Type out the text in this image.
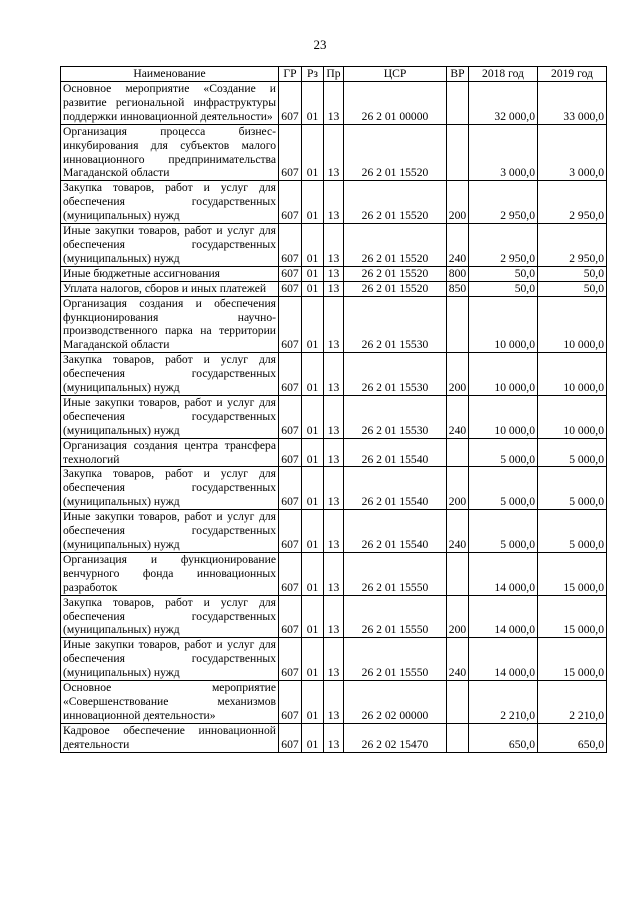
23
Наименование	ГР	Рз	Пр	ЦСР	ВР	2018 год	2019 год
Основное мероприятие «Создание и развитие региональной инфраструктуры поддержки инновационной деятельности»	607	01	13	26 2 01 00000		32 000,0	33 000,0
Организация процесса бизнес-инкубирования для субъектов малого инновационного предпринимательства Магаданской области	607	01	13	26 2 01 15520		3 000,0	3 000,0
Закупка товаров, работ и услуг для обеспечения государственных (муниципальных) нужд	607	01	13	26 2 01 15520	200	2 950,0	2 950,0
Иные закупки товаров, работ и услуг для обеспечения государственных (муниципальных) нужд	607	01	13	26 2 01 15520	240	2 950,0	2 950,0
Иные бюджетные ассигнования	607	01	13	26 2 01 15520	800	50,0	50,0
Уплата налогов, сборов и иных платежей	607	01	13	26 2 01 15520	850	50,0	50,0
Организация создания и обеспечения функционирования научно-производственного парка на территории Магаданской области	607	01	13	26 2 01 15530		10 000,0	10 000,0
Закупка товаров, работ и услуг для обеспечения государственных (муниципальных) нужд	607	01	13	26 2 01 15530	200	10 000,0	10 000,0
Иные закупки товаров, работ и услуг для обеспечения государственных (муниципальных) нужд	607	01	13	26 2 01 15530	240	10 000,0	10 000,0
Организация создания центра трансфера технологий	607	01	13	26 2 01 15540		5 000,0	5 000,0
Закупка товаров, работ и услуг для обеспечения государственных (муниципальных) нужд	607	01	13	26 2 01 15540	200	5 000,0	5 000,0
Иные закупки товаров, работ и услуг для обеспечения государственных (муниципальных) нужд	607	01	13	26 2 01 15540	240	5 000,0	5 000,0
Организация и функционирование венчурного фонда инновационных разработок	607	01	13	26 2 01 15550		14 000,0	15 000,0
Закупка товаров, работ и услуг для обеспечения государственных (муниципальных) нужд	607	01	13	26 2 01 15550	200	14 000,0	15 000,0
Иные закупки товаров, работ и услуг для обеспечения государственных (муниципальных) нужд	607	01	13	26 2 01 15550	240	14 000,0	15 000,0
Основное мероприятие «Совершенствование механизмов инновационной деятельности»	607	01	13	26 2 02 00000		2 210,0	2 210,0
Кадровое обеспечение инновационной деятельности	607	01	13	26 2 02 15470		650,0	650,0
